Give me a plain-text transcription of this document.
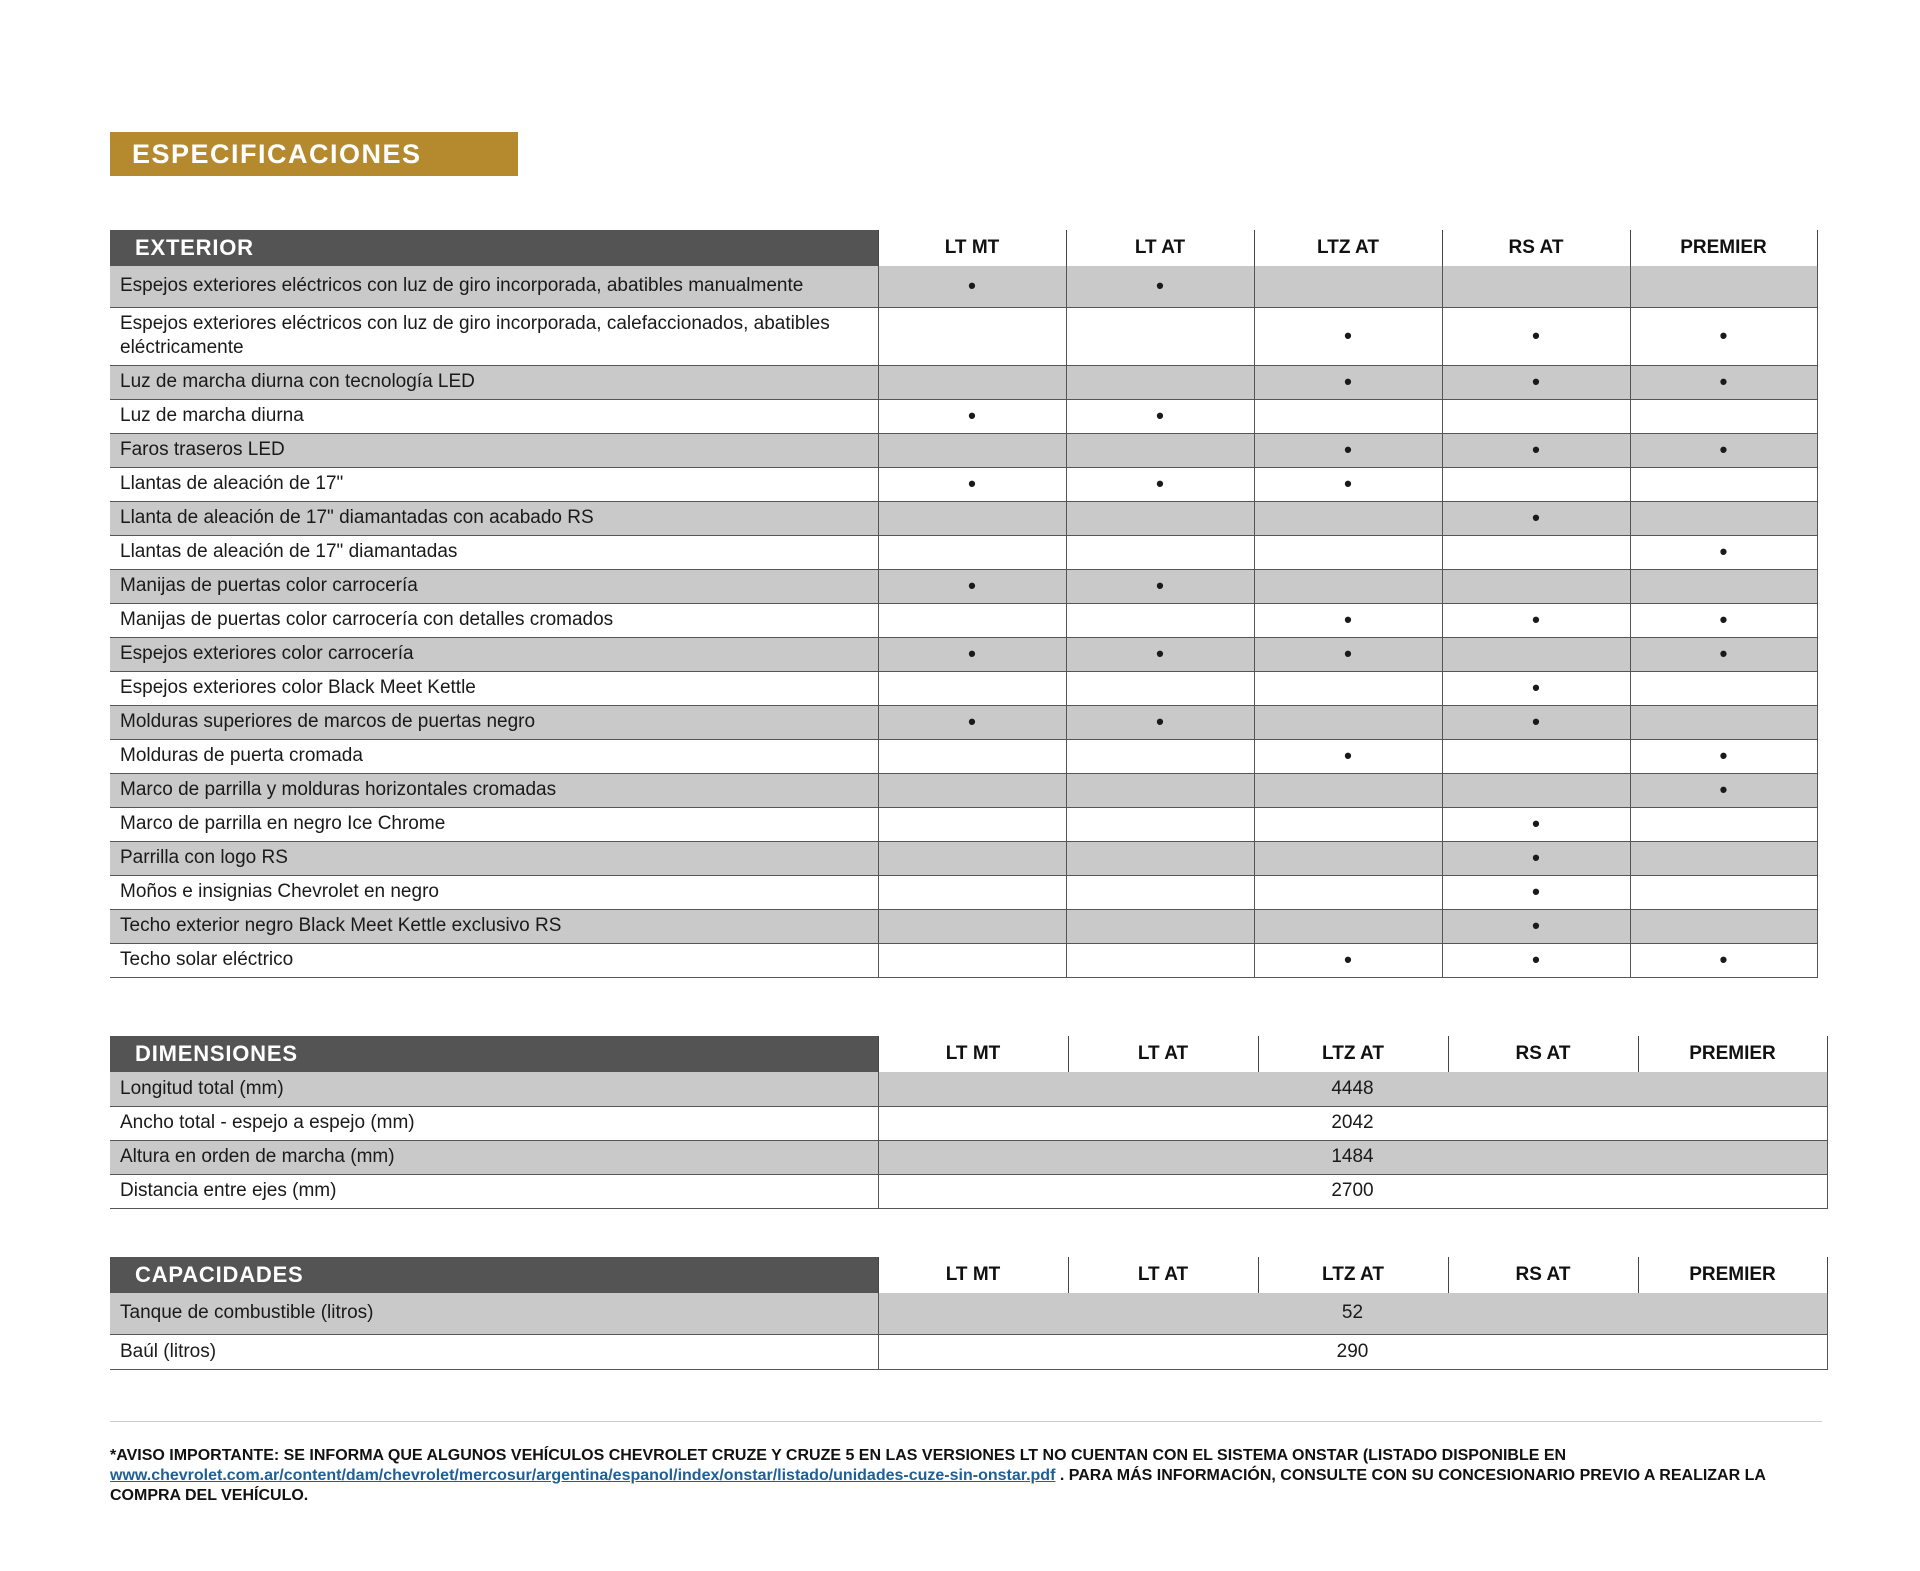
ESPECIFICACIONES
EXTERIOR	LT MT	LT AT	LTZ AT	RS AT	PREMIER
Espejos exteriores eléctricos con luz de giro incorporada, abatibles manualmente	•	•			
Espejos exteriores eléctricos con luz de giro incorporada, calefaccionados, abatibles eléctricamente			•	•	•
Luz de marcha diurna con tecnología LED			•	•	•
Luz de marcha diurna	•	•			
Faros traseros LED			•	•	•
Llantas de aleación de 17"	•	•	•		
Llanta de aleación de 17" diamantadas con acabado RS				•	
Llantas de aleación de 17" diamantadas					•
Manijas de puertas color carrocería	•	•			
Manijas de puertas color carrocería con detalles cromados			•	•	•
Espejos exteriores color carrocería	•	•	•		•
Espejos exteriores color Black Meet Kettle				•	
Molduras superiores de marcos de puertas negro	•	•		•	
Molduras de puerta cromada			•		•
Marco de parrilla y molduras horizontales cromadas					•
Marco de parrilla en negro Ice Chrome				•	
Parrilla con logo RS				•	
Moños e insignias Chevrolet en negro				•	
Techo exterior negro Black Meet Kettle exclusivo RS				•	
Techo solar eléctrico			•	•	•
DIMENSIONES	LT MT	LT AT	LTZ AT	RS AT	PREMIER
Longitud total (mm)	4448				
Ancho total - espejo a espejo (mm)	2042				
Altura en orden de marcha (mm)	1484				
Distancia entre ejes (mm)	2700				
CAPACIDADES	LT MT	LT AT	LTZ AT	RS AT	PREMIER
Tanque de combustible (litros)	52				
Baúl (litros)	290				
*AVISO IMPORTANTE: SE INFORMA QUE ALGUNOS VEHÍCULOS CHEVROLET CRUZE Y CRUZE 5 EN LAS VERSIONES LT NO CUENTAN CON EL SISTEMA ONSTAR (LISTADO DISPONIBLE EN www.chevrolet.com.ar/content/dam/chevrolet/mercosur/argentina/espanol/index/onstar/listado/unidades-cuze-sin-onstar.pdf . PARA MÁS INFORMACIÓN, CONSULTE CON SU CONCESIONARIO PREVIO A REALIZAR LA COMPRA DEL VEHÍCULO.
